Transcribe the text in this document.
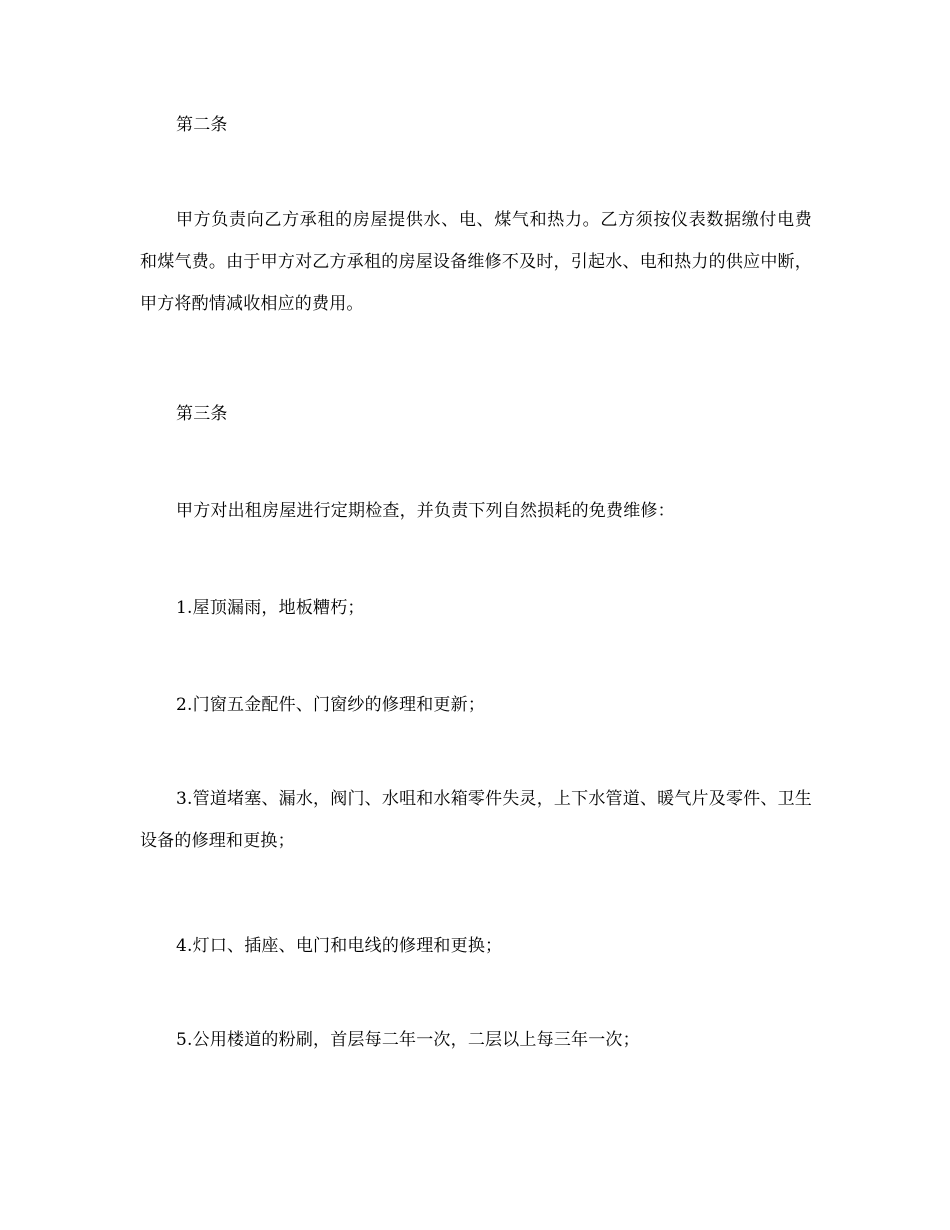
第二条

甲方负责向乙方承租的房屋提供水、电、煤气和热力。乙方须按仪表数据缴付电费和煤气费。由于甲方对乙方承租的房屋设备维修不及时，引起水、电和热力的供应中断，甲方将酌情减收相应的费用。

第三条

甲方对出租房屋进行定期检查，并负责下列自然损耗的免费维修：

1.屋顶漏雨，地板糟朽；

2.门窗五金配件、门窗纱的修理和更新；

3.管道堵塞、漏水，阀门、水咀和水箱零件失灵，上下水管道、暖气片及零件、卫生设备的修理和更换；

4.灯口、插座、电门和电线的修理和更换；

5.公用楼道的粉刷，首层每二年一次，二层以上每三年一次；
